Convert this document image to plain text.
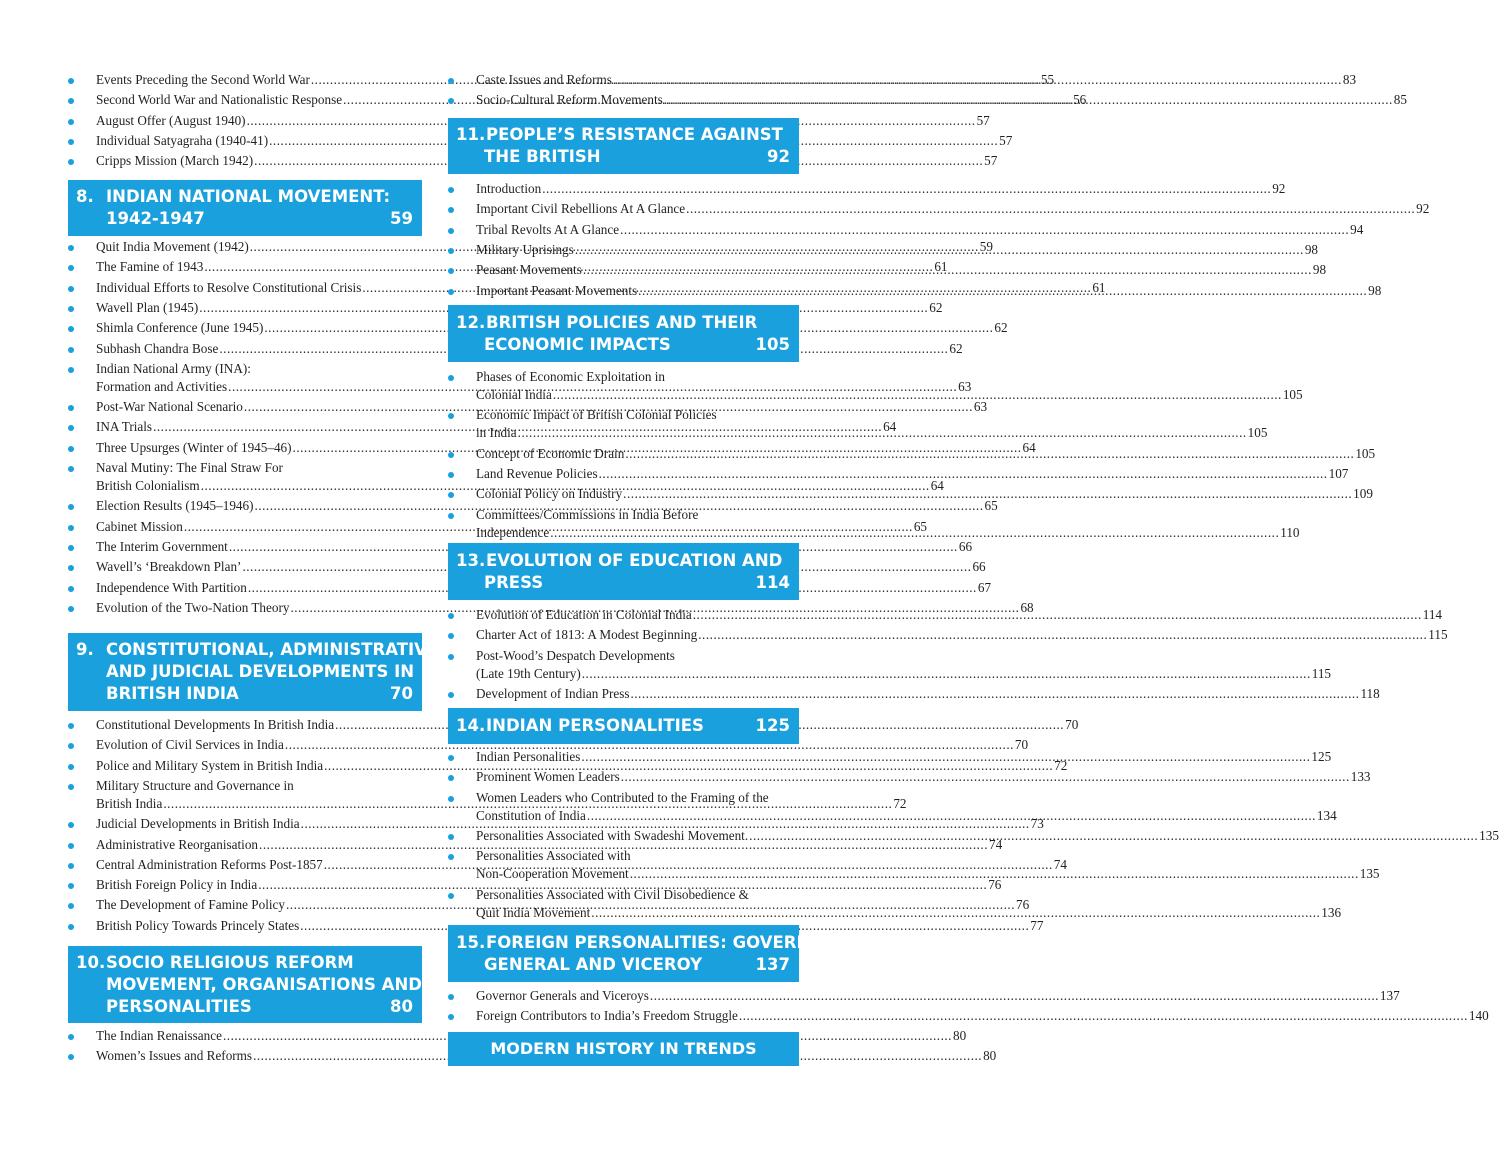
Events Preceding the Second World War .....	55
Second World War and Nationalistic Response .....	56
August Offer (August 1940) .....	57
Individual Satyagraha (1940-41) .....	57
Cripps Mission (March 1942) .....	57
8. INDIAN NATIONAL MOVEMENT:
1942-1947	59
Quit India Movement (1942) .....	59
The Famine of 1943 .....	61
Individual Efforts to Resolve Constitutional Crisis .....	61
Wavell Plan (1945) .....	62
Shimla Conference (June 1945) .....	62
Subhash Chandra Bose .....	62
Indian National Army (INA):
Formation and Activities .....	63
Post-War National Scenario .....	63
INA Trials .....	64
Three Upsurges (Winter of 1945–46) .....	64
Naval Mutiny: The Final Straw For
British Colonialism .....	64
Election Results (1945–1946) .....	65
Cabinet Mission .....	65
The Interim Government .....	66
Wavell’s ‘Breakdown Plan’ .....	66
Independence With Partition .....	67
Evolution of the Two-Nation Theory .....	68
9. CONSTITUTIONAL, ADMINISTRATIVE,
AND JUDICIAL DEVELOPMENTS IN
BRITISH INDIA	70
Constitutional Developments In British India .....	70
Evolution of Civil Services in India .....	70
Police and Military System in British India .....	72
Military Structure and Governance in
British India .....	72
Judicial Developments in British India .....	73
Administrative Reorganisation .....	74
Central Administration Reforms Post-1857 .....	74
British Foreign Policy in India .....	76
The Development of Famine Policy .....	76
British Policy Towards Princely States .....	77
10. SOCIO RELIGIOUS REFORM
MOVEMENT, ORGANISATIONS AND
PERSONALITIES	80
The Indian Renaissance .....	80
Women’s Issues and Reforms .....	80
Caste Issues and Reforms .....	83
Socio-Cultural Reform Movements .....	85
11. PEOPLE’S RESISTANCE AGAINST
THE BRITISH	92
Introduction .....	92
Important Civil Rebellions At A Glance .....	92
Tribal Revolts At A Glance .....	94
Military Uprisings .....	98
Peasant Movements .....	98
Important Peasant Movements .....	98
12. BRITISH POLICIES AND THEIR
ECONOMIC IMPACTS	105
Phases of Economic Exploitation in
Colonial India .....	105
Economic Impact of British Colonial Policies
in India .....	105
Concept of Economic Drain .....	105
Land Revenue Policies .....	107
Colonial Policy on Industry .....	109
Committees/Commissions in India Before
Independence .....	110
13. EVOLUTION OF EDUCATION AND
PRESS	114
Evolution of Education in Colonial India .....	114
Charter Act of 1813: A Modest Beginning .....	115
Post-Wood’s Despatch Developments
(Late 19th Century) .....	115
Development of Indian Press .....	118
14. INDIAN PERSONALITIES	125
Indian Personalities .....	125
Prominent Women Leaders .....	133
Women Leaders who Contributed to the Framing of the
Constitution of India .....	134
Personalities Associated with Swadeshi Movement. .....	135
Personalities Associated with
Non-Cooperation Movement .....	135
Personalities Associated with Civil Disobedience &
Quit India Movement .....	136
15. FOREIGN PERSONALITIES: GOVERNOR
GENERAL AND VICEROY	137
Governor Generals and Viceroys .....	137
Foreign Contributors to India’s Freedom Struggle .....	140
MODERN HISTORY IN TRENDS
